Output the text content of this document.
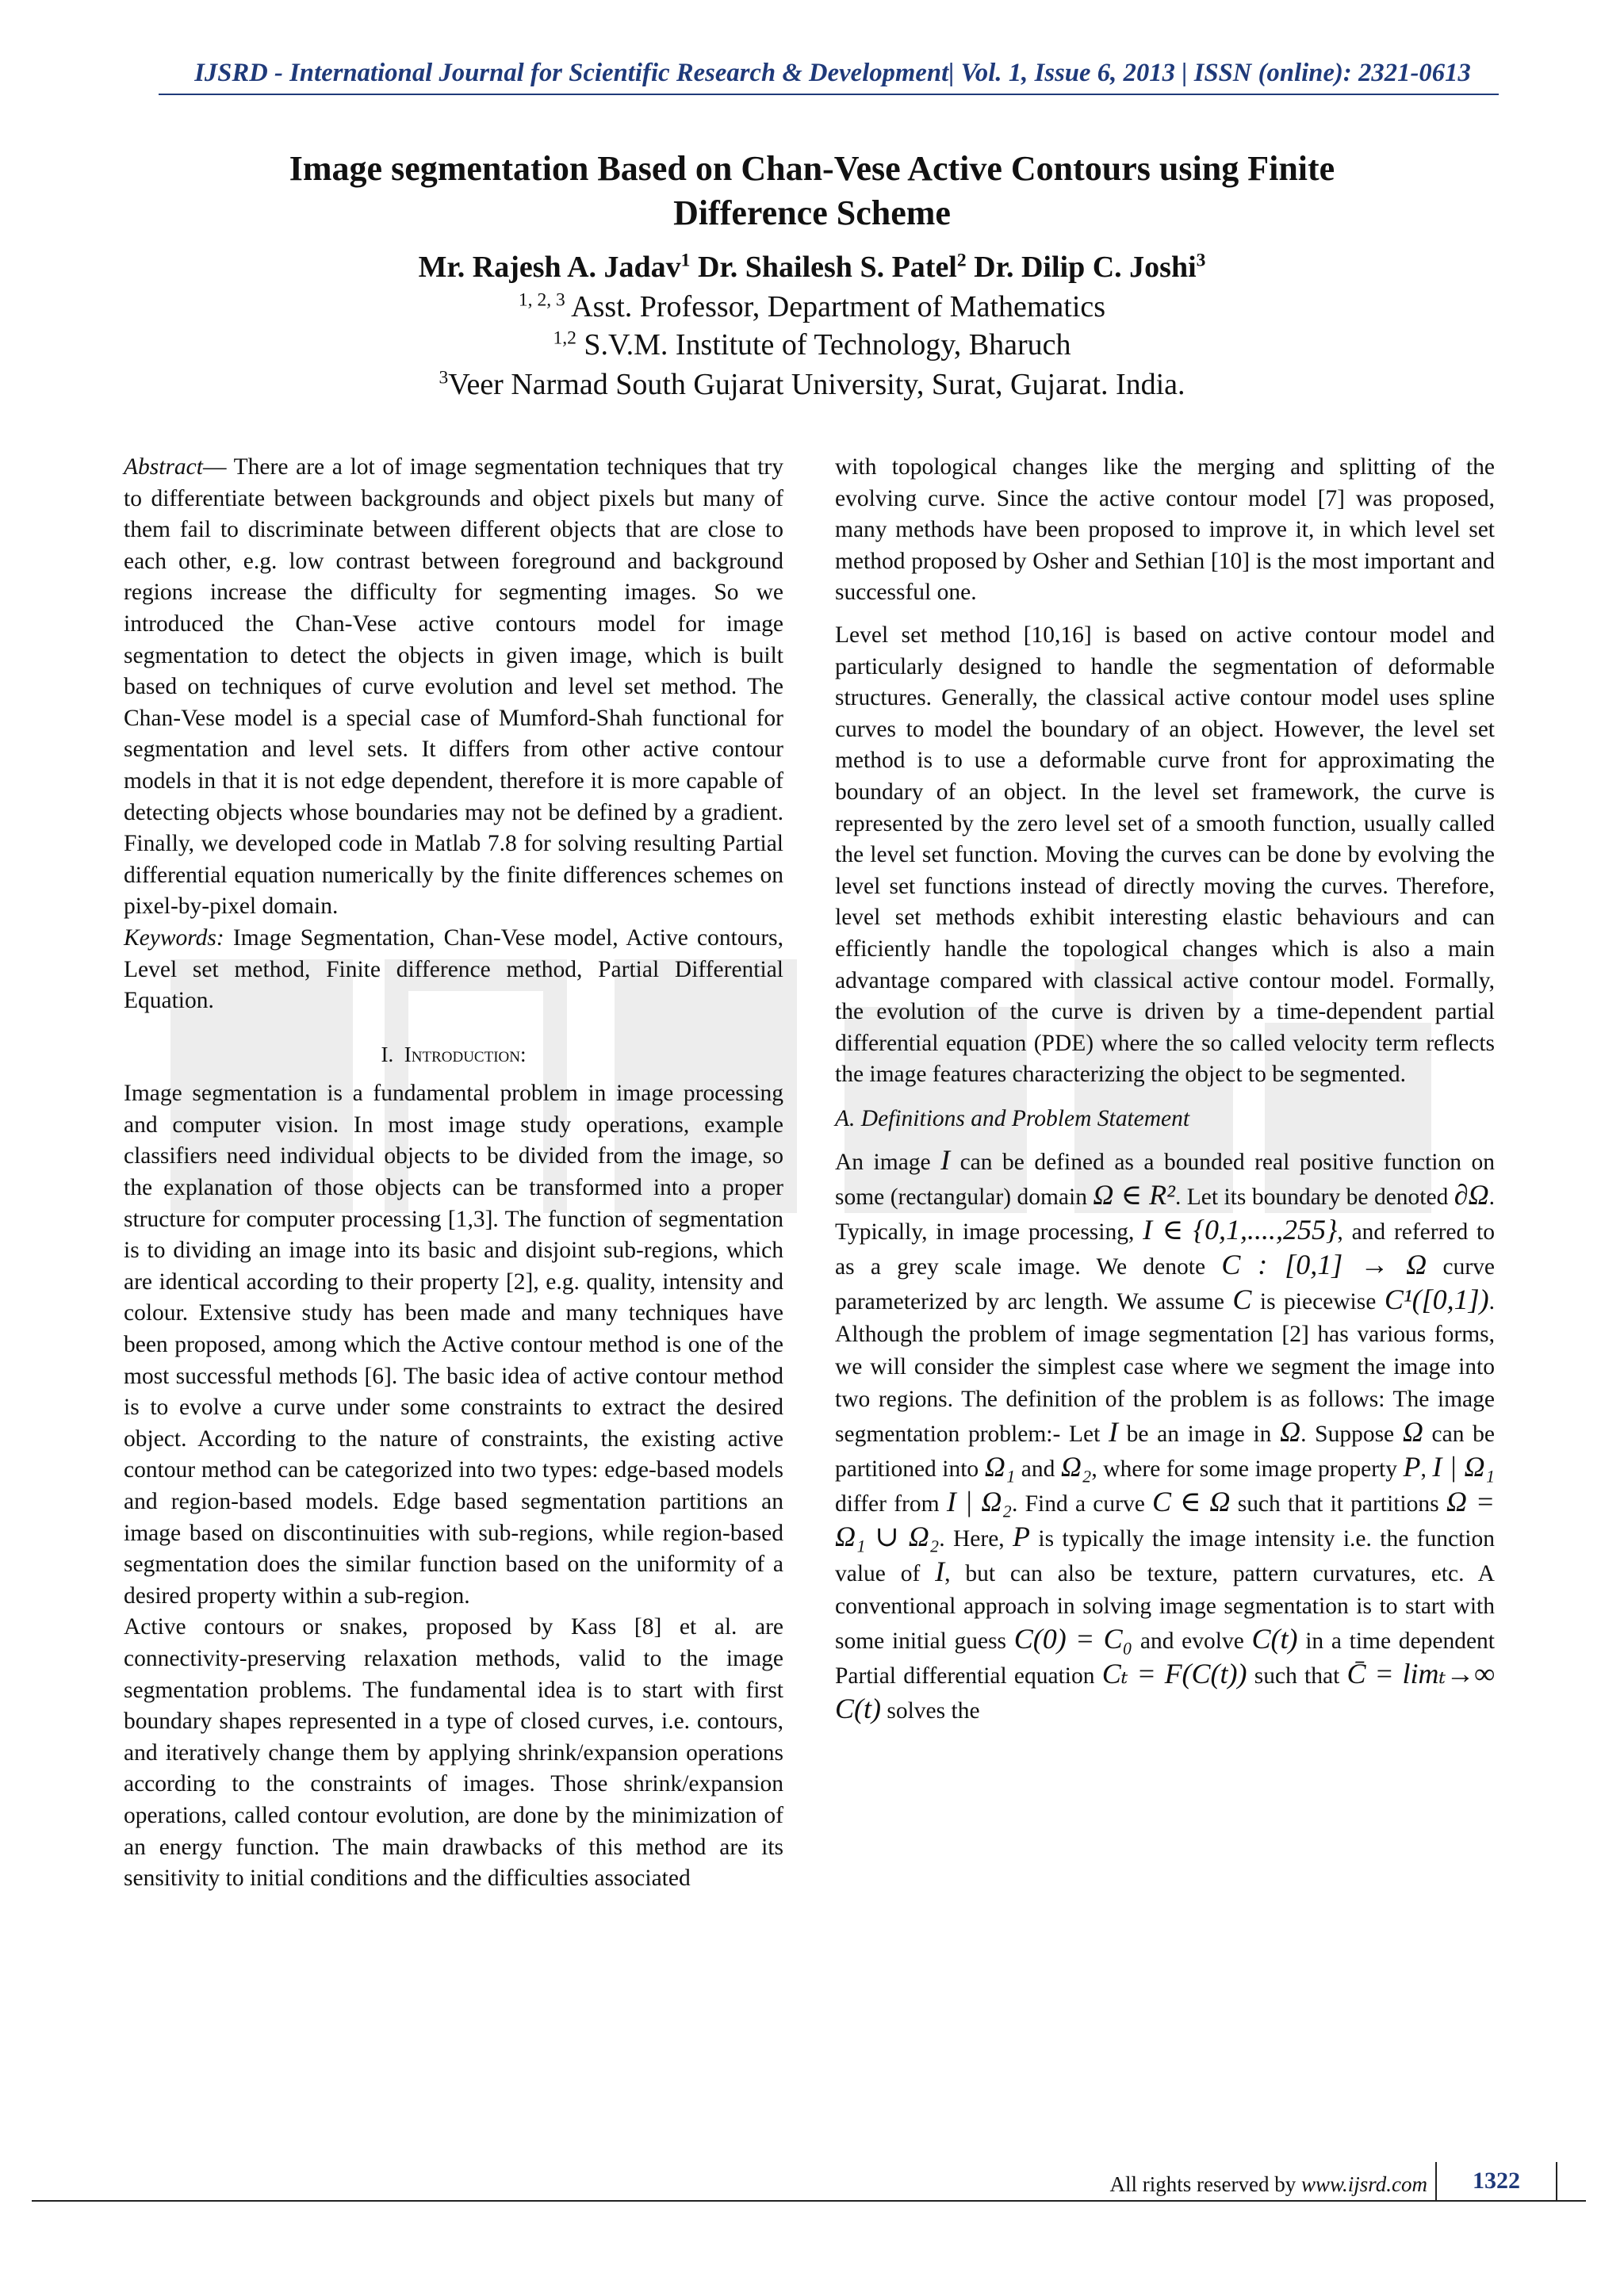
IJSRD - International Journal for Scientific Research & Development| Vol. 1, Issue 6, 2013 | ISSN (online): 2321-0613
Image segmentation Based on Chan-Vese Active Contours using Finite
Difference Scheme
Mr. Rajesh A. Jadav$^1$ Dr. Shailesh S. Patel$^2$ Dr. Dilip C. Joshi$^3$
$^{1, 2, 3}$ Asst. Professor, Department of Mathematics
$^{1,2}$ S.V.M. Institute of Technology, Bharuch
$^3$Veer Narmad South Gujarat University, Surat, Gujarat. India.

Abstract— There are a lot of image segmentation techniques that try to differentiate between backgrounds and object pixels but many of them fail to discriminate between different objects that are close to each other, e.g. low contrast between foreground and background regions increase the difficulty for segmenting images. So we introduced the Chan-Vese active contours model for image segmentation to detect the objects in given image, which is built based on techniques of curve evolution and level set method. The Chan-Vese model is a special case of Mumford-Shah functional for segmentation and level sets. It differs from other active contour models in that it is not edge dependent, therefore it is more capable of detecting objects whose boundaries may not be defined by a gradient. Finally, we developed code in Matlab 7.8 for solving resulting Partial differential equation numerically by the finite differences schemes on pixel-by-pixel domain.

Keywords: Image Segmentation, Chan-Vese model, Active contours, Level set method, Finite difference method, Partial Differential Equation.

I. Introduction:

Image segmentation is a fundamental problem in image processing and computer vision. In most image study operations, example classifiers need individual objects to be divided from the image, so the explanation of those objects can be transformed into a proper structure for computer processing [1,3]. The function of segmentation is to dividing an image into its basic and disjoint sub-regions, which are identical according to their property [2], e.g. quality, intensity and colour. Extensive study has been made and many techniques have been proposed, among which the Active contour method is one of the most successful methods [6]. The basic idea of active contour method is to evolve a curve under some constraints to extract the desired object. According to the nature of constraints, the existing active contour method can be categorized into two types: edge-based models and region-based models. Edge based segmentation partitions an image based on discontinuities with sub-regions, while region-based segmentation does the similar function based on the uniformity of a desired property within a sub-region.

Active contours or snakes, proposed by Kass [8] et al. are connectivity-preserving relaxation methods, valid to the image segmentation problems. The fundamental idea is to start with first boundary shapes represented in a type of closed curves, i.e. contours, and iteratively change them by applying shrink/expansion operations according to the constraints of images. Those shrink/expansion operations, called contour evolution, are done by the minimization of an energy function. The main drawbacks of this method are its sensitivity to initial conditions and the difficulties associated

with topological changes like the merging and splitting of the evolving curve. Since the active contour model [7] was proposed, many methods have been proposed to improve it, in which level set method proposed by Osher and Sethian [10] is the most important and successful one.

Level set method [10,16] is based on active contour model and particularly designed to handle the segmentation of deformable structures. Generally, the classical active contour model uses spline curves to model the boundary of an object. However, the level set method is to use a deformable curve front for approximating the boundary of an object. In the level set framework, the curve is represented by the zero level set of a smooth function, usually called the level set function. Moving the curves can be done by evolving the level set functions instead of directly moving the curves. Therefore, level set methods exhibit interesting elastic behaviours and can efficiently handle the topological changes which is also a main advantage compared with classical active contour model. Formally, the evolution of the curve is driven by a time-dependent partial differential equation (PDE) where the so called velocity term reflects the image features characterizing the object to be segmented.

A. Definitions and Problem Statement

An image I can be defined as a bounded real positive function on some (rectangular) domain Ω ∈ R². Let its boundary be denoted ∂Ω. Typically, in image processing, I ∈ {0,1,....,255}, and referred to as a grey scale image. We denote C : [0,1] → Ω curve parameterized by arc length. We assume C is piecewise C¹([0,1]). Although the problem of image segmentation [2] has various forms, we will consider the simplest case where we segment the image into two regions. The definition of the problem is as follows: The image segmentation problem:- Let I be an image in Ω. Suppose Ω can be partitioned into Ω₁ and Ω₂, where for some image property P, I | Ω₁ differ from I | Ω₂. Find a curve C ∈ Ω such that it partitions Ω = Ω₁ ∪ Ω₂. Here, P is typically the image intensity i.e. the function value of I, but can also be texture, pattern curvatures, etc. A conventional approach in solving image segmentation is to start with some initial guess C(0) = C₀ and evolve C(t) in a time dependent Partial differential equation Cₜ = F(C(t)) such that C̄ = limₜ→∞ C(t) solves the

All rights reserved by www.ijsrd.com	1322
